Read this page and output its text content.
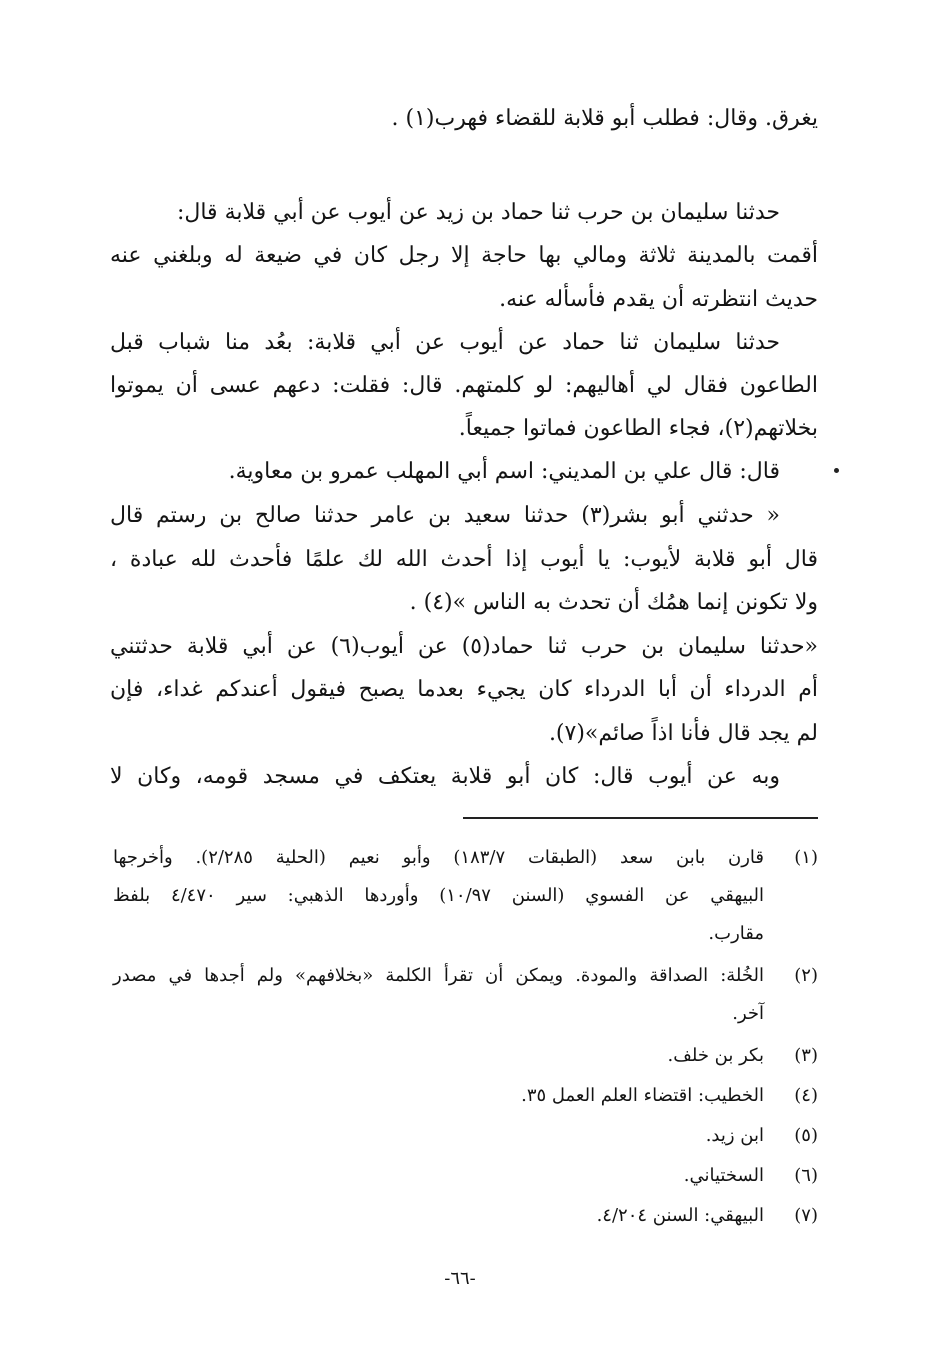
يغرق. وقال: فطلب أبو قلابة للقضاء فهرب(١) .
حدثنا سليمان بن حرب ثنا حماد بن زيد عن أيوب عن أبي قلابة قال:
أقمت بالمدينة ثلاثة ومالي بها حاجة إلا رجل كان في ضيعة له وبلغني عنه
حديث انتظرته أن يقدم فأسأله عنه.
حدثنا سليمان ثنا حماد عن أيوب عن أبي قلابة: بعُد منا شباب قبل
الطاعون فقال لي أهاليهم: لو كلمتهم. قال: فقلت: دعهم عسى أن يموتوا
بخلاتهم(٢)، فجاء الطاعون فماتوا جميعاً.
قال: قال علي بن المديني: اسم أبي المهلب عمرو بن معاوية.
« حدثني أبو بشر(٣) حدثنا سعيد بن عامر حدثنا صالح بن رستم قال
قال أبو قلابة لأيوب: يا أيوب إذا أحدث الله لك علمًا فأحدث لله عبادة ،
ولا تكونن إنما همُك أن تحدث به الناس »(٤) .
«حدثنا سليمان بن حرب ثنا حماد(٥) عن أيوب(٦) عن أبي قلابة حدثتني
أم الدرداء أن أبا الدرداء كان يجيء بعدما يصبح فيقول أعندكم غداء، فإن
لم يجد قال فأنا اذاً صائم»(٧).
وبه عن أيوب قال: كان أبو قلابة يعتكف في مسجد قومه، وكان لا
(١)قارن بابن سعد (الطبقات ١٨٣/٧) وأبو نعيم (الحلية ٢/٢٨٥). وأخرجها
البيهقي عن الفسوي (السنن ١٠/٩٧) وأوردها الذهبي: سير ٤/٤٧٠ بلفظ
مقارب.
(٢)الخُلة: الصداقة والمودة. ويمكن أن تقرأ الكلمة «بخلافهم» ولم أجدها في مصدر
آخر.
(٣)بكر بن خلف.
(٤)الخطيب: اقتضاء العلم العمل ٣٥.
(٥)ابن زيد.
(٦)السختياني.
(٧)البيهقي: السنن ٤/٢٠٤.
-٦٦-
